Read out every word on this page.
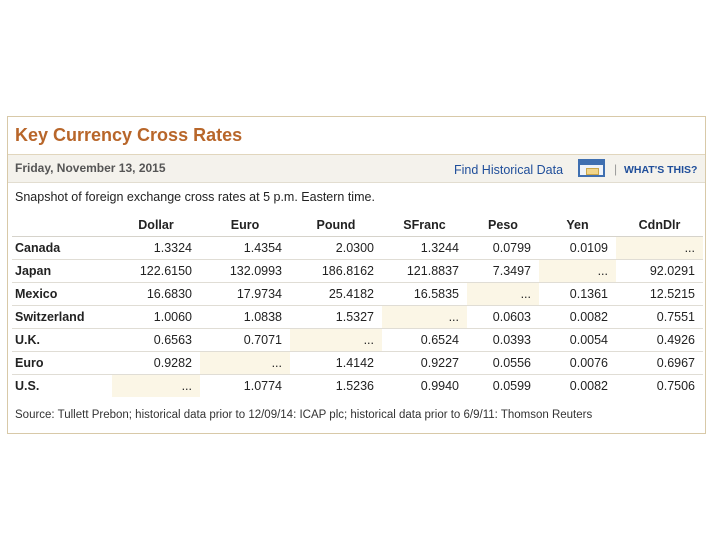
Key Currency Cross Rates
Friday, November 13, 2015	Find Historical Data	| WHAT'S THIS?
Snapshot of foreign exchange cross rates at 5 p.m. Eastern time.
	Dollar	Euro	Pound	SFranc	Peso	Yen	CdnDlr
Canada	1.3324	1.4354	2.0300	1.3244	0.0799	0.0109	...
Japan	122.6150	132.0993	186.8162	121.8837	7.3497	...	92.0291
Mexico	16.6830	17.9734	25.4182	16.5835	...	0.1361	12.5215
Switzerland	1.0060	1.0838	1.5327	...	0.0603	0.0082	0.7551
U.K.	0.6563	0.7071	...	0.6524	0.0393	0.0054	0.4926
Euro	0.9282	...	1.4142	0.9227	0.0556	0.0076	0.6967
U.S.	...	1.0774	1.5236	0.9940	0.0599	0.0082	0.7506
Source: Tullett Prebon; historical data prior to 12/09/14: ICAP plc; historical data prior to 6/9/11: Thomson Reuters
